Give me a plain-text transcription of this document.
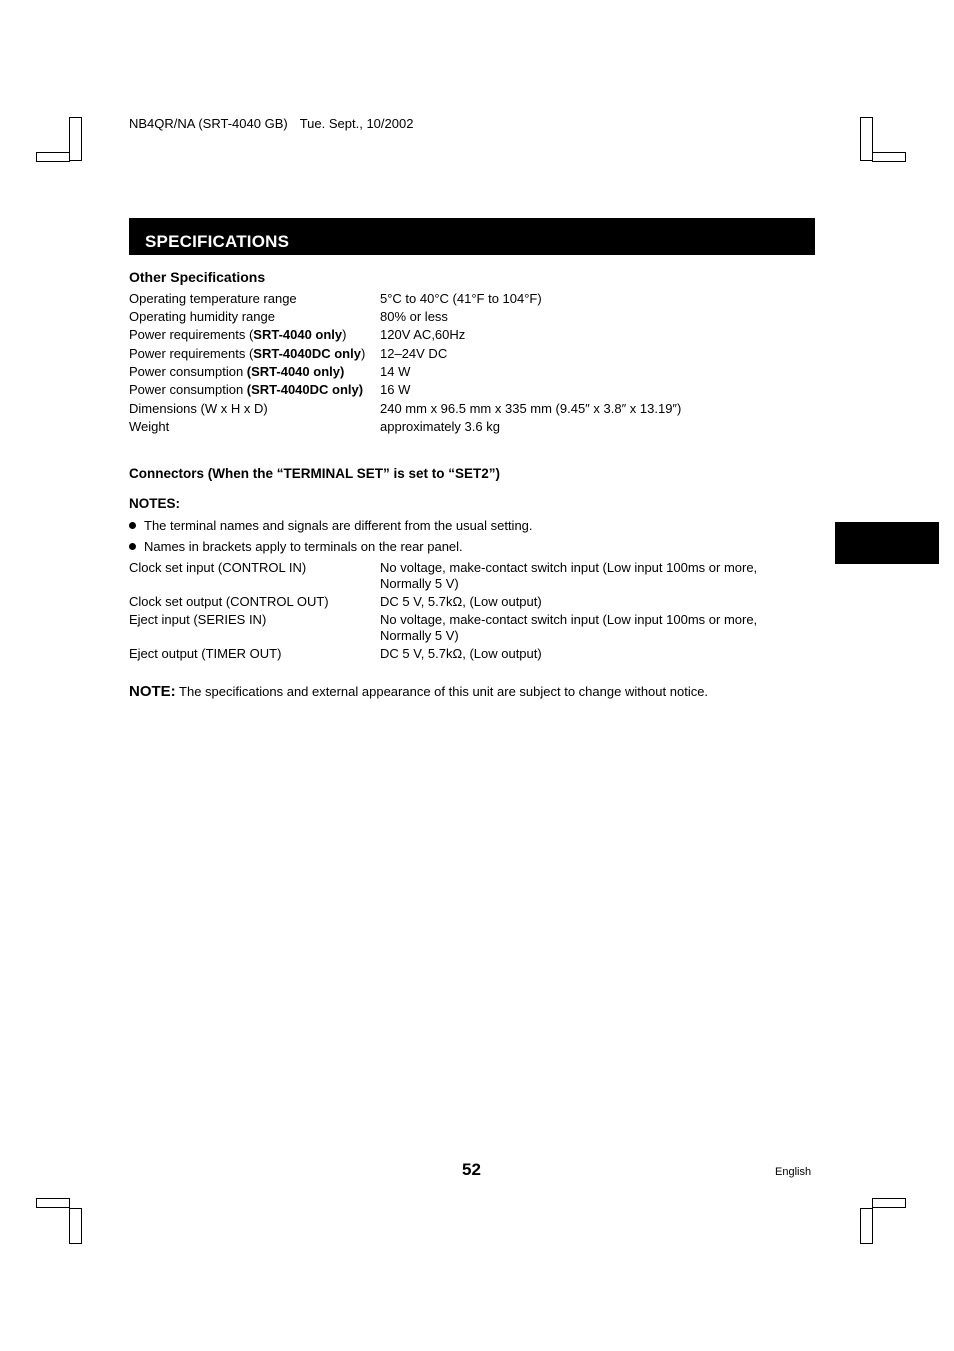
NB4QR/NA (SRT-4040 GB) Tue. Sept., 10/2002
SPECIFICATIONS
Other Specifications
Operating temperature range	5°C to 40°C (41°F to 104°F)
Operating humidity range	80% or less
Power requirements (SRT-4040 only)	120V AC,60Hz
Power requirements (SRT-4040DC only) 12–24V DC
Power consumption (SRT-4040 only)	14 W
Power consumption (SRT-4040DC only) 16 W
Dimensions (W x H x D)	240 mm x 96.5 mm x 335 mm (9.45″ x 3.8″ x 13.19″)
Weight	approximately 3.6 kg
Connectors (When the “TERMINAL SET” is set to “SET2”)
NOTES:
The terminal names and signals are different from the usual setting.
Names in brackets apply to terminals on the rear panel.
Clock set input (CONTROL IN)	No voltage, make-contact switch input (Low input 100ms or more, Normally 5 V)
Clock set output (CONTROL OUT)	DC 5 V, 5.7kΩ, (Low output)
Eject input (SERIES IN)	No voltage, make-contact switch input (Low input 100ms or more, Normally 5 V)
Eject output (TIMER OUT)	DC 5 V, 5.7kΩ, (Low output)
NOTE: The specifications and external appearance of this unit are subject to change without notice.
52	English
